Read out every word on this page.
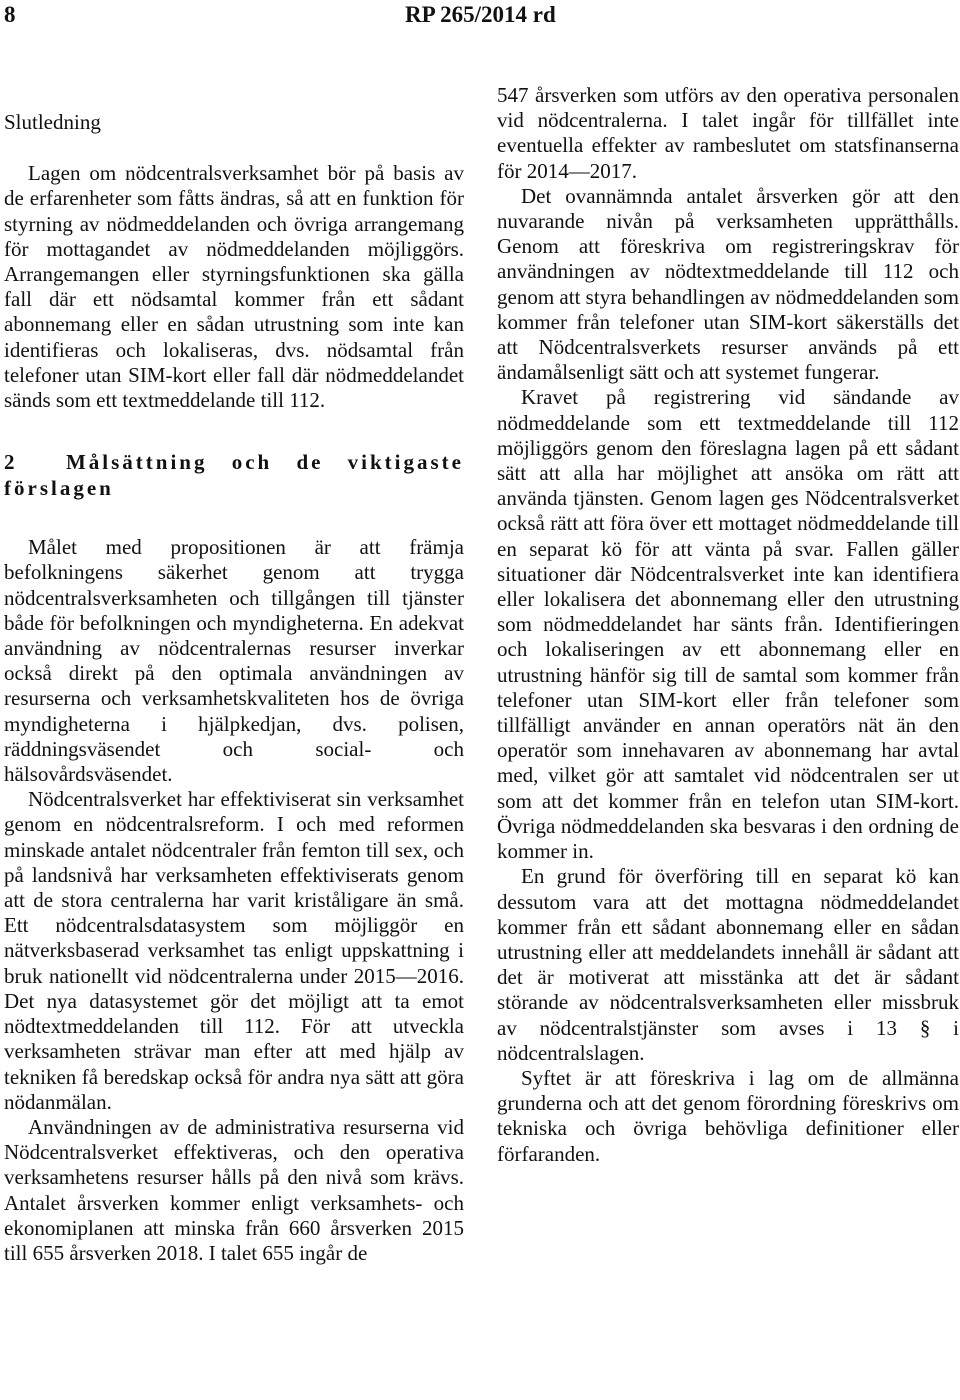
8	RP 265/2014 rd

Slutledning

Lagen om nödcentralsverksamhet bör på basis av de erfarenheter som fåtts ändras, så att en funktion för styrning av nödmeddelanden och övriga arrangemang för mottagandet av nödmeddelanden möjliggörs. Arrangemangen eller styrningsfunktionen ska gälla fall där ett nödsamtal kommer från ett sådant abonnemang eller en sådan utrustning som inte kan identifieras och lokaliseras, dvs. nödsamtal från telefoner utan SIM-kort eller fall där nödmeddelandet sänds som ett textmeddelande till 112.

2 Målsättning och de viktigaste förslagen

Målet med propositionen är att främja befolkningens säkerhet genom att trygga nödcentralsverksamheten och tillgången till tjänster både för befolkningen och myndigheterna. En adekvat användning av nödcentralernas resurser inverkar också direkt på den optimala användningen av resurserna och verksamhetskvaliteten hos de övriga myndigheterna i hjälpkedjan, dvs. polisen, räddningsväsendet och social- och hälsovårdsväsendet.

Nödcentralsverket har effektiviserat sin verksamhet genom en nödcentralsreform. I och med reformen minskade antalet nödcentraler från femton till sex, och på landsnivå har verksamheten effektiviserats genom att de stora centralerna har varit kriståligare än små. Ett nödcentralsdatasystem som möjliggör en nätverksbaserad verksamhet tas enligt uppskattning i bruk nationellt vid nödcentralerna under 2015—2016. Det nya datasystemet gör det möjligt att ta emot nödtextmeddelanden till 112. För att utveckla verksamheten strävar man efter att med hjälp av tekniken få beredskap också för andra nya sätt att göra nödanmälan.

Användningen av de administrativa resurserna vid Nödcentralsverket effektiveras, och den operativa verksamhetens resurser hålls på den nivå som krävs. Antalet årsverken kommer enligt verksamhets- och ekonomiplanen att minska från 660 årsverken 2015 till 655 årsverken 2018. I talet 655 ingår de

547 årsverken som utförs av den operativa personalen vid nödcentralerna. I talet ingår för tillfället inte eventuella effekter av rambeslutet om statsfinanserna för 2014—2017.

Det ovannämnda antalet årsverken gör att den nuvarande nivån på verksamheten upprätthålls. Genom att föreskriva om registreringskrav för användningen av nödtextmeddelande till 112 och genom att styra behandlingen av nödmeddelanden som kommer från telefoner utan SIM-kort säkerställs det att Nödcentralsverkets resurser används på ett ändamålsenligt sätt och att systemet fungerar.

Kravet på registrering vid sändande av nödmeddelande som ett textmeddelande till 112 möjliggörs genom den föreslagna lagen på ett sådant sätt att alla har möjlighet att ansöka om rätt att använda tjänsten. Genom lagen ges Nödcentralsverket också rätt att föra över ett mottaget nödmeddelande till en separat kö för att vänta på svar. Fallen gäller situationer där Nödcentralsverket inte kan identifiera eller lokalisera det abonnemang eller den utrustning som nödmeddelandet har sänts från. Identifieringen och lokaliseringen av ett abonnemang eller en utrustning hänför sig till de samtal som kommer från telefoner utan SIM-kort eller från telefoner som tillfälligt använder en annan operatörs nät än den operatör som innehavaren av abonnemang har avtal med, vilket gör att samtalet vid nödcentralen ser ut som att det kommer från en telefon utan SIM-kort. Övriga nödmeddelanden ska besvaras i den ordning de kommer in.

En grund för överföring till en separat kö kan dessutom vara att det mottagna nödmeddelandet kommer från ett sådant abonnemang eller en sådan utrustning eller att meddelandets innehåll är sådant att det är motiverat att misstänka att det är sådant störande av nödcentralsverksamheten eller missbruk av nödcentralstjänster som avses i 13 § i nödcentralslagen.

Syftet är att föreskriva i lag om de allmänna grunderna och att det genom förordning föreskrivs om tekniska och övriga behövliga definitioner eller förfaranden.
